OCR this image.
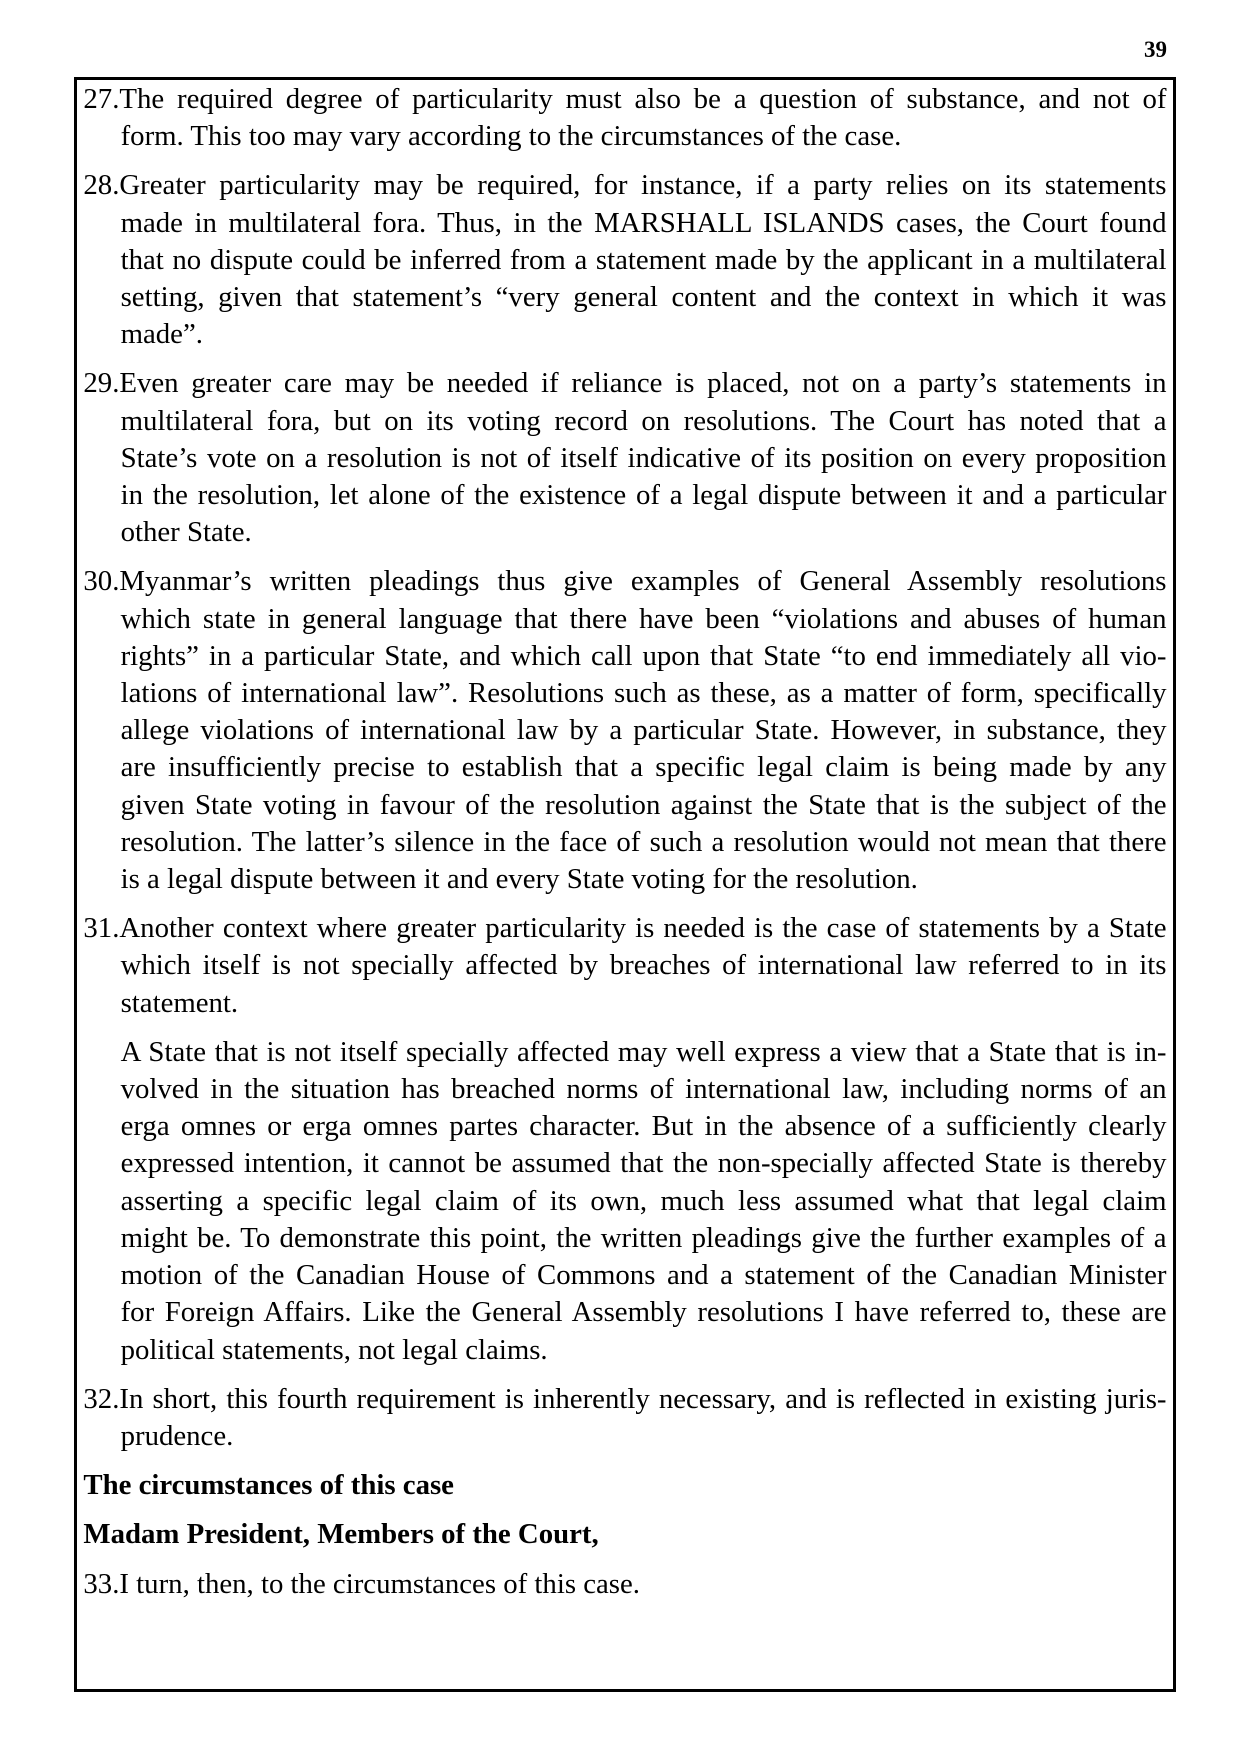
39
27.The required degree of particularity must also be a question of substance, and not of
form. This too may vary according to the circumstances of the case.
28.Greater particularity may be required, for instance, if a party relies on its statements
made in multilateral fora. Thus, in the MARSHALL ISLANDS cases, the Court found
that no dispute could be inferred from a statement made by the applicant in a multilateral
setting, given that statement’s “very general content and the context in which it was
made”.
29.Even greater care may be needed if reliance is placed, not on a party’s statements in
multilateral fora, but on its voting record on resolutions. The Court has noted that a
State’s vote on a resolution is not of itself indicative of its position on every proposition
in the resolution, let alone of the existence of a legal dispute between it and a particular
other State.
30.Myanmar’s written pleadings thus give examples of General Assembly resolutions
which state in general language that there have been “violations and abuses of human
rights” in a particular State, and which call upon that State “to end immediately all vio-
lations of international law”. Resolutions such as these, as a matter of form, specifically
allege violations of international law by a particular State. However, in substance, they
are insufficiently precise to establish that a specific legal claim is being made by any
given State voting in favour of the resolution against the State that is the subject of the
resolution. The latter’s silence in the face of such a resolution would not mean that there
is a legal dispute between it and every State voting for the resolution.
31.Another context where greater particularity is needed is the case of statements by a State
which itself is not specially affected by breaches of international law referred to in its
statement.
A State that is not itself specially affected may well express a view that a State that is in-
volved in the situation has breached norms of international law, including norms of an
erga omnes or erga omnes partes character. But in the absence of a sufficiently clearly
expressed intention, it cannot be assumed that the non-specially affected State is thereby
asserting a specific legal claim of its own, much less assumed what that legal claim
might be. To demonstrate this point, the written pleadings give the further examples of a
motion of the Canadian House of Commons and a statement of the Canadian Minister
for Foreign Affairs. Like the General Assembly resolutions I have referred to, these are
political statements, not legal claims.
32.In short, this fourth requirement is inherently necessary, and is reflected in existing juris-
prudence.
The circumstances of this case
Madam President, Members of the Court,
33.I turn, then, to the circumstances of this case.
